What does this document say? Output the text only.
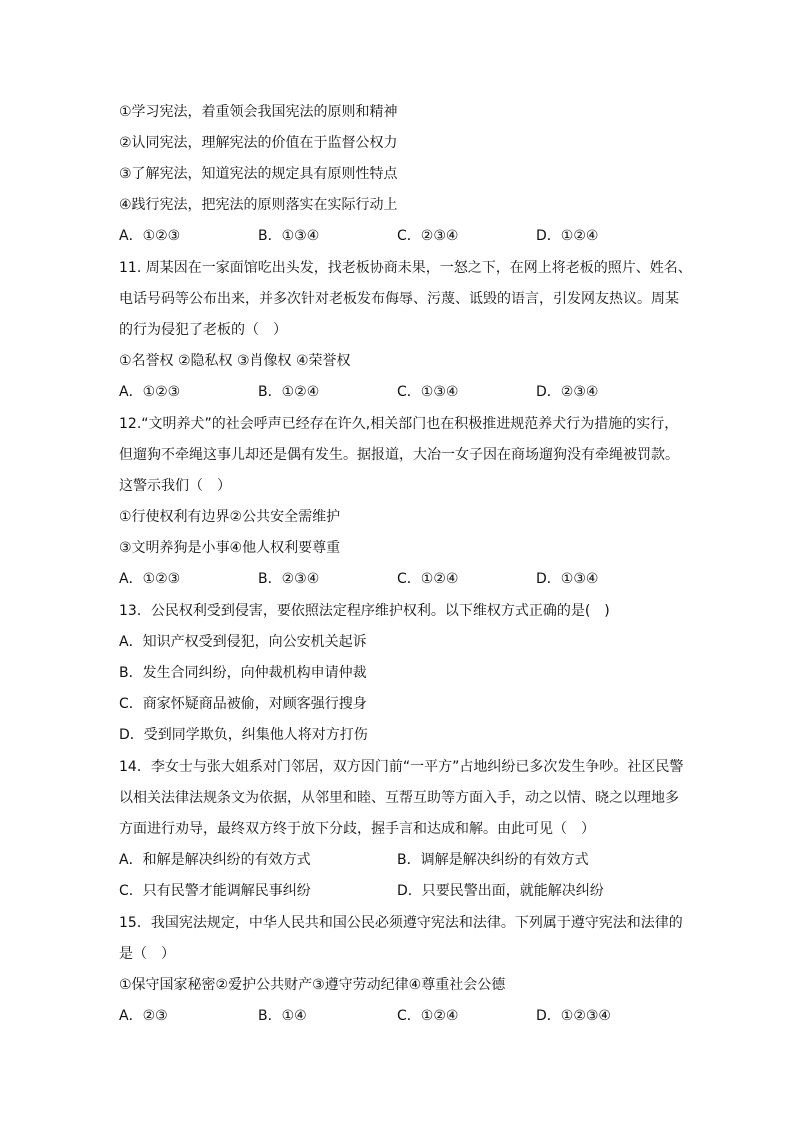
①学习宪法，着重领会我国宪法的原则和精神
②认同宪法，理解宪法的价值在于监督公权力
③了解宪法，知道宪法的规定具有原则性特点
④践行宪法，把宪法的原则落实在实际行动上
A．①②③	B．①③④	C．②③④	D．①②④
11. 周某因在一家面馆吃出头发，找老板协商未果，一怒之下，在网上将老板的照片、姓名、
电话号码等公布出来，并多次针对老板发布侮辱、污蔑、诋毁的语言，引发网友热议。周某
的行为侵犯了老板的（　）
①名誉权 ②隐私权 ③肖像权 ④荣誉权
A．①②③	B．①②④	C．①③④	D．②③④
12.“文明养犬”的社会呼声已经存在许久,相关部门也在积极推进规范养犬行为措施的实行，
但遛狗不牵绳这事儿却还是偶有发生。据报道，大冶一女子因在商场遛狗没有牵绳被罚款。
这警示我们（　）
①行使权利有边界②公共安全需维护
③文明养狗是小事④他人权利要尊重
A．①②③	B．②③④	C．①②④	D．①③④
13．公民权利受到侵害，要依照法定程序维护权利。以下维权方式正确的是(　)
A．知识产权受到侵犯，向公安机关起诉
B．发生合同纠纷，向仲裁机构申请仲裁
C．商家怀疑商品被偷，对顾客强行搜身
D．受到同学欺负，纠集他人将对方打伤
14．李女士与张大姐系对门邻居，双方因门前“一平方”占地纠纷已多次发生争吵。社区民警
以相关法律法规条文为依据，从邻里和睦、互帮互助等方面入手，动之以情、晓之以理地多
方面进行劝导，最终双方终于放下分歧，握手言和达成和解。由此可见（　）
A．和解是解决纠纷的有效方式	B．调解是解决纠纷的有效方式
C．只有民警才能调解民事纠纷	D．只要民警出面，就能解决纠纷
15．我国宪法规定，中华人民共和国公民必须遵守宪法和法律。下列属于遵守宪法和法律的
是（　）
①保守国家秘密②爱护公共财产③遵守劳动纪律④尊重社会公德
A．②③	B．①④	C．①②④	D．①②③④
